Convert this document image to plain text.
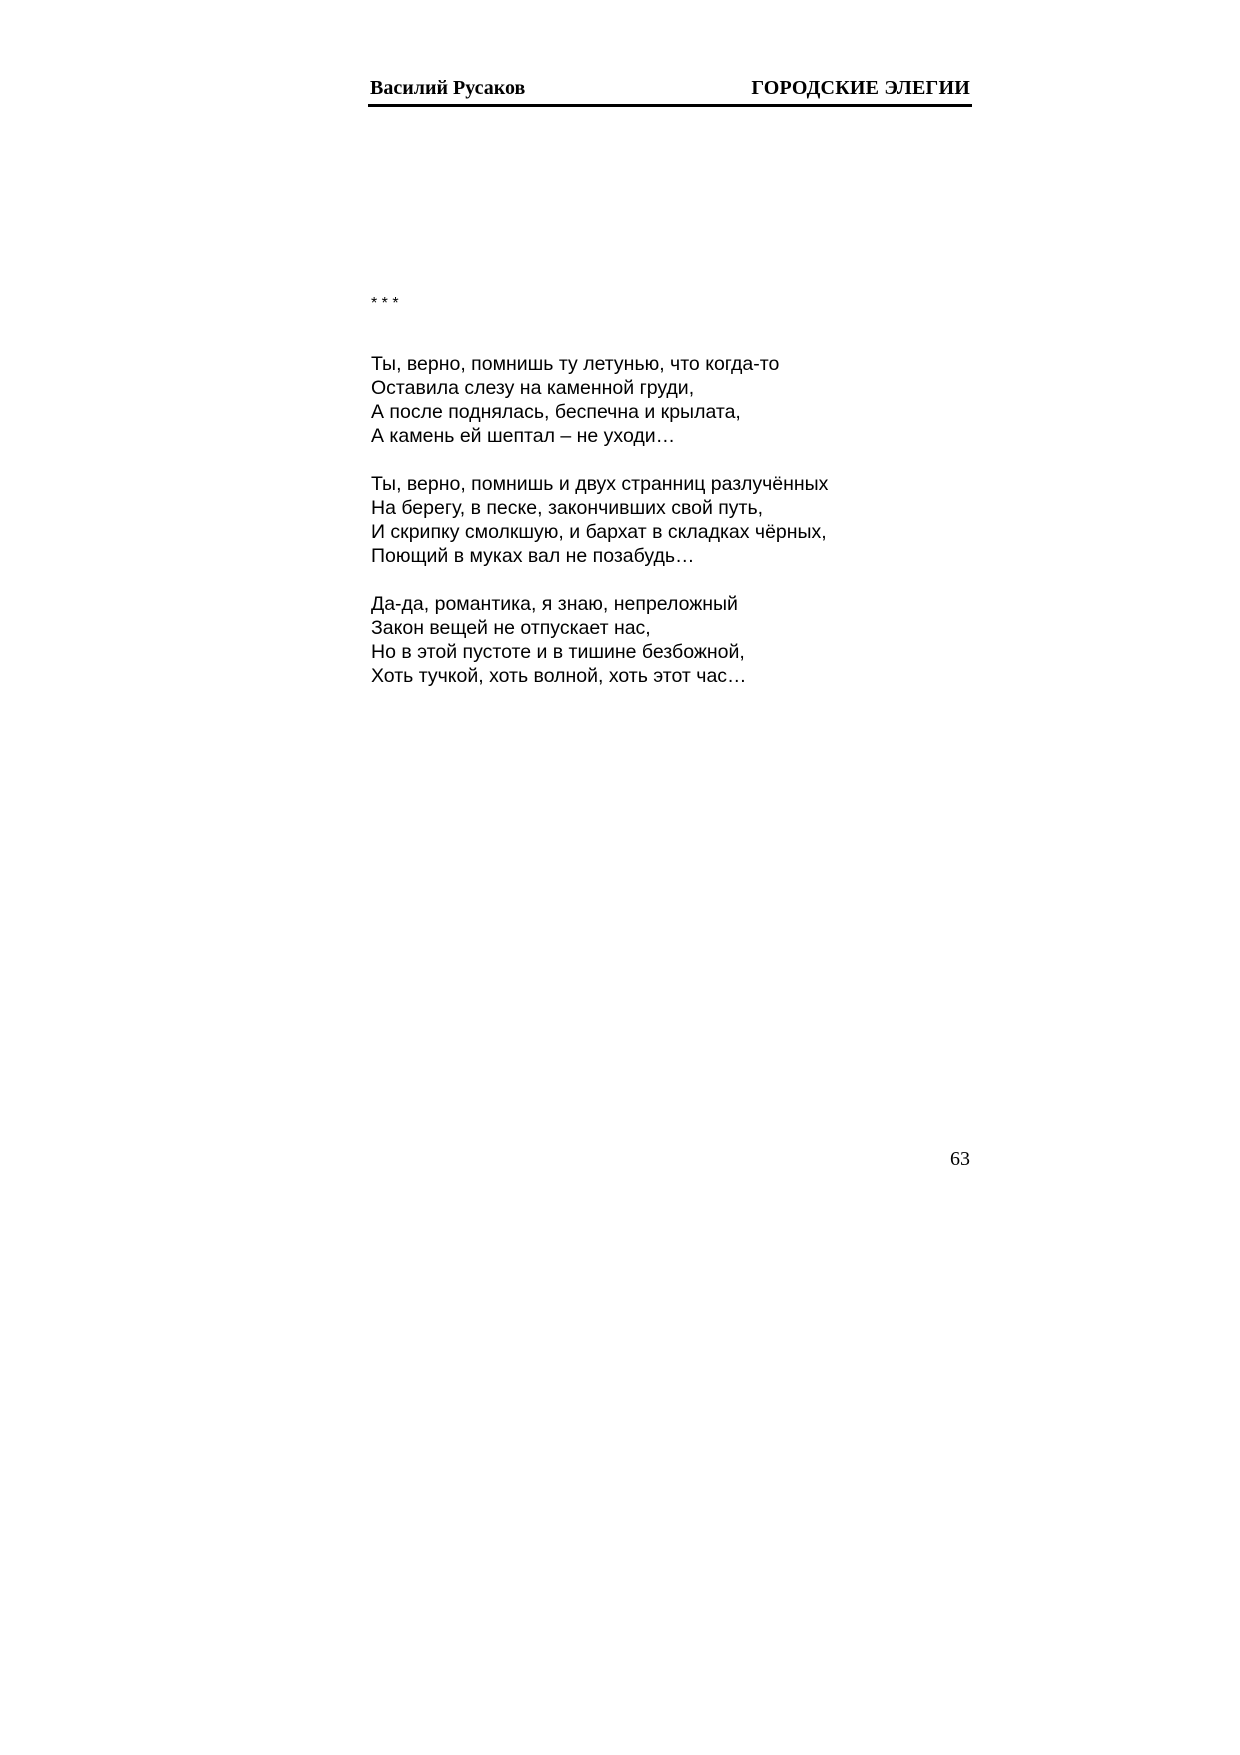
Василий Русаков	ГОРОДСКИЕ ЭЛЕГИИ
* * *
Ты, верно, помнишь ту летунью, что когда-то
Оставила слезу на каменной груди,
А после поднялась, беспечна и крылата,
А камень ей шептал – не уходи…
Ты, верно, помнишь и двух странниц разлучённых
На берегу, в песке, закончивших свой путь,
И скрипку смолкшую, и бархат в складках чёрных,
Поющий в муках вал не позабудь…
Да-да, романтика, я знаю, непреложный
Закон вещей не отпускает нас,
Но в этой пустоте и в тишине безбожной,
Хоть тучкой, хоть волной, хоть этот час…
63
